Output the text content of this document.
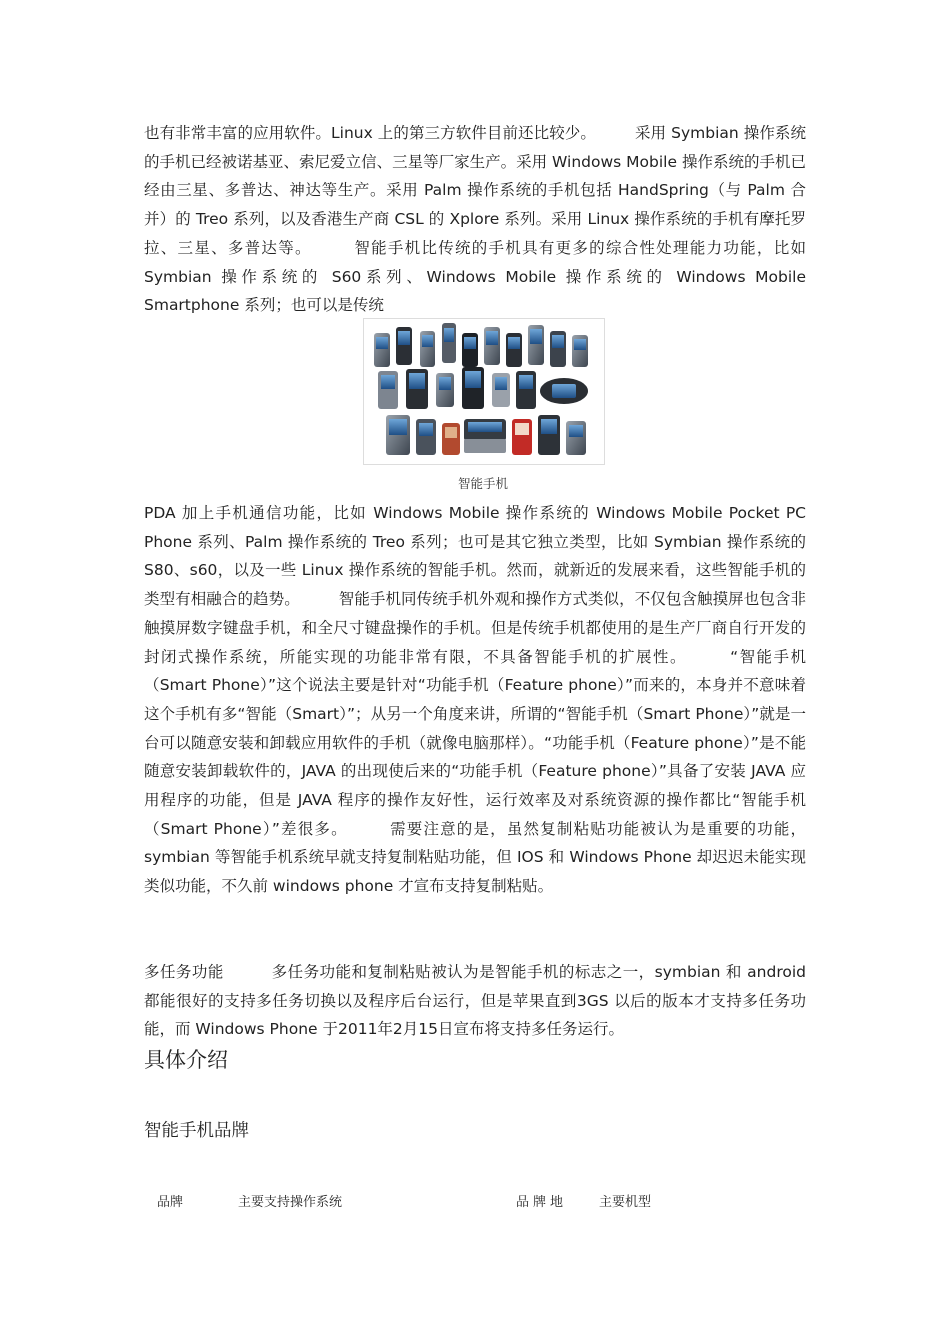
也有非常丰富的应用软件。Linux 上的第三方软件目前还比较少。　　　采用 Symbian 操作系统的手机已经被诺基亚、索尼爱立信、三星等厂家生产。采用 Windows Mobile 操作系统的手机已经由三星、多普达、神达等生产。采用 Palm 操作系统的手机包括 HandSpring（与 Palm 合并）的 Treo 系列，以及香港生产商 CSL 的 Xplore 系列。采用 Linux 操作系统的手机有摩托罗拉、三星、多普达等。　　　智能手机比传统的手机具有更多的综合性处理能力功能，比如 Symbian 操作系统的 S60系列、Windows Mobile 操作系统的 Windows Mobile Smartphone 系列；也可以是传统

智能手机

PDA 加上手机通信功能，比如 Windows Mobile 操作系统的 Windows Mobile Pocket PC Phone 系列、Palm 操作系统的 Treo 系列；也可是其它独立类型，比如 Symbian 操作系统的 S80、s60，以及一些 Linux 操作系统的智能手机。然而，就新近的发展来看，这些智能手机的类型有相融合的趋势。　　　智能手机同传统手机外观和操作方式类似，不仅包含触摸屏也包含非触摸屏数字键盘手机，和全尺寸键盘操作的手机。但是传统手机都使用的是生产厂商自行开发的封闭式操作系统，所能实现的功能非常有限，不具备智能手机的扩展性。　　　“智能手机（Smart Phone）”这个说法主要是针对“功能手机（Feature phone）”而来的，本身并不意味着这个手机有多“智能（Smart）”；从另一个角度来讲，所谓的“智能手机（Smart Phone）”就是一台可以随意安装和卸载应用软件的手机（就像电脑那样）。“功能手机（Feature phone）”是不能随意安装卸载软件的，JAVA 的出现使后来的“功能手机（Feature phone）”具备了安装 JAVA 应用程序的功能，但是 JAVA 程序的操作友好性，运行效率及对系统资源的操作都比“智能手机（Smart Phone）”差很多。　　　需要注意的是，虽然复制粘贴功能被认为是重要的功能，symbian 等智能手机系统早就支持复制粘贴功能，但 IOS 和 Windows Phone 却迟迟未能实现类似功能，不久前 windows phone 才宣布支持复制粘贴。

多任务功能　　　多任务功能和复制粘贴被认为是智能手机的标志之一，symbian 和 android 都能很好的支持多任务切换以及程序后台运行，但是苹果直到3GS 以后的版本才支持多任务功能，而 Windows Phone 于2011年2月15日宣布将支持多任务运行。

具体介绍
智能手机品牌
品牌	主要支持操作系统	品牌地 主要机型
